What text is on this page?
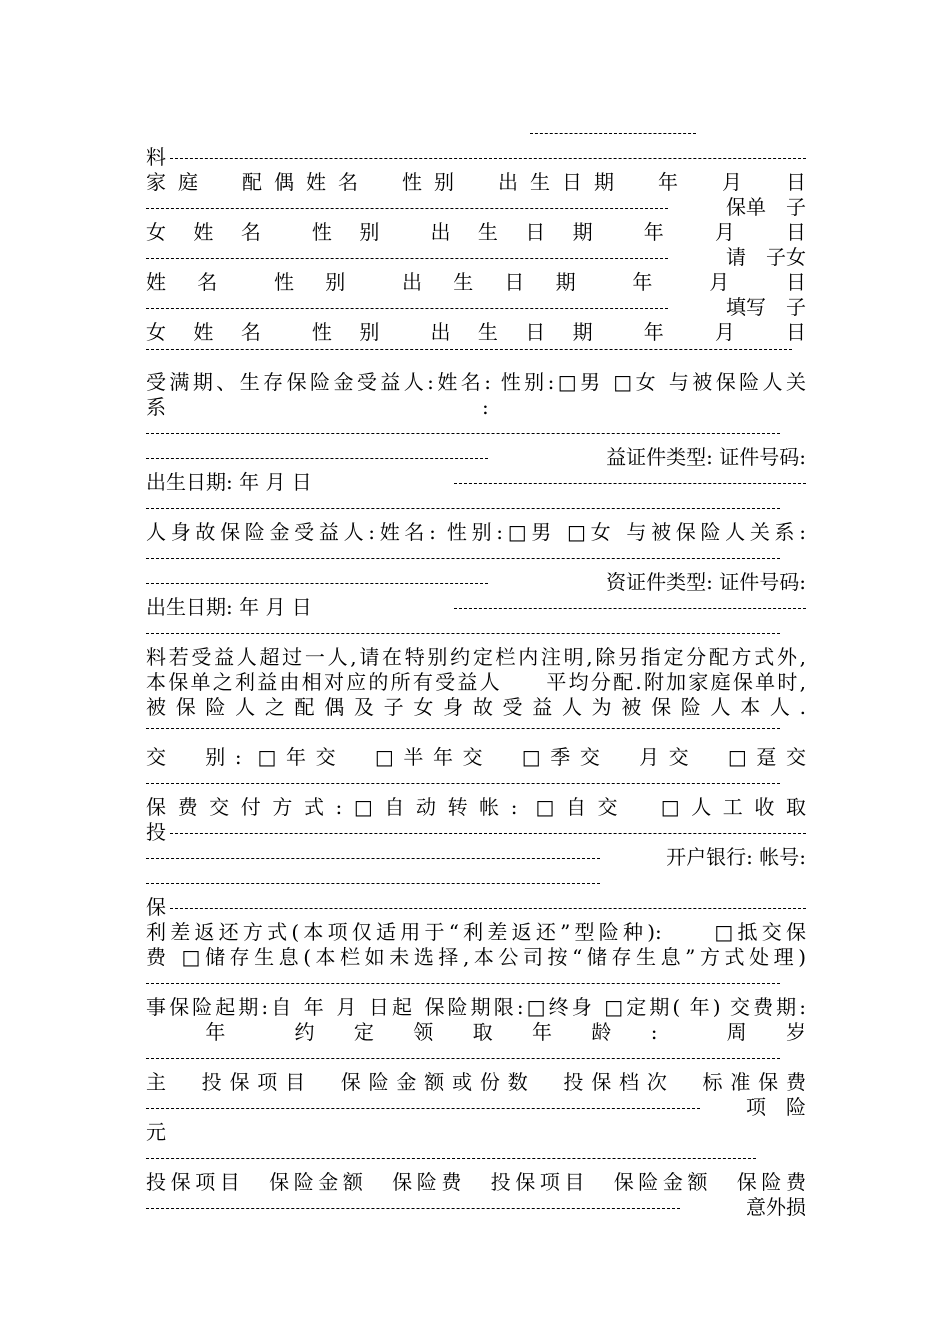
料
家庭　配偶姓名　性别　出生日期　年　月　日
保单　子
女　姓　名　　性　别　　出　生　日　期　　年　　月　　日
请　子女
姓　名　　性　别　　出　生　日　期　　年　　月　　日
填写　子
女　姓　名　　性　别　　出　生　日　期　　年　　月　　日
受满期、生存保险金受益人:姓名: 性别:□男 □女 与被保险人关
系	:
益证件类型: 证件号码:
出生日期: 年 月 日
人身故保险金受益人:姓名: 性别:□男 □女 与被保险人关系:
资证件类型: 证件号码:
出生日期: 年 月 日
料若受益人超过一人,请在特别约定栏内注明,除另指定分配方式外,
本保单之利益由相对应的所有受益人　　平均分配.附加家庭保单时,
被保险人之配偶及子女身故受益人为被保险人本人.
交　别: □年交　□半年交　□季交　月交　□趸交
保费交付方式:□自动转帐: □自交　□人工收取
投
开户银行: 帐号:
保
利差返还方式(本项仅适用于“利差返还”型险种):　　□抵交保
费 □储存生息(本栏如未选择,本公司按“储存生息”方式处理)
事保险起期:自 年 月 日起 保险期限:□终身 □定期( 年) 交费期:
　　年　　约　定　领　取　年　龄　:　　周　岁
主　投保项目　保险金额或份数　投保档次　标准保费
项　险
元
投保项目　保险金额　保险费　投保项目　保险金额　保险费
意外损
